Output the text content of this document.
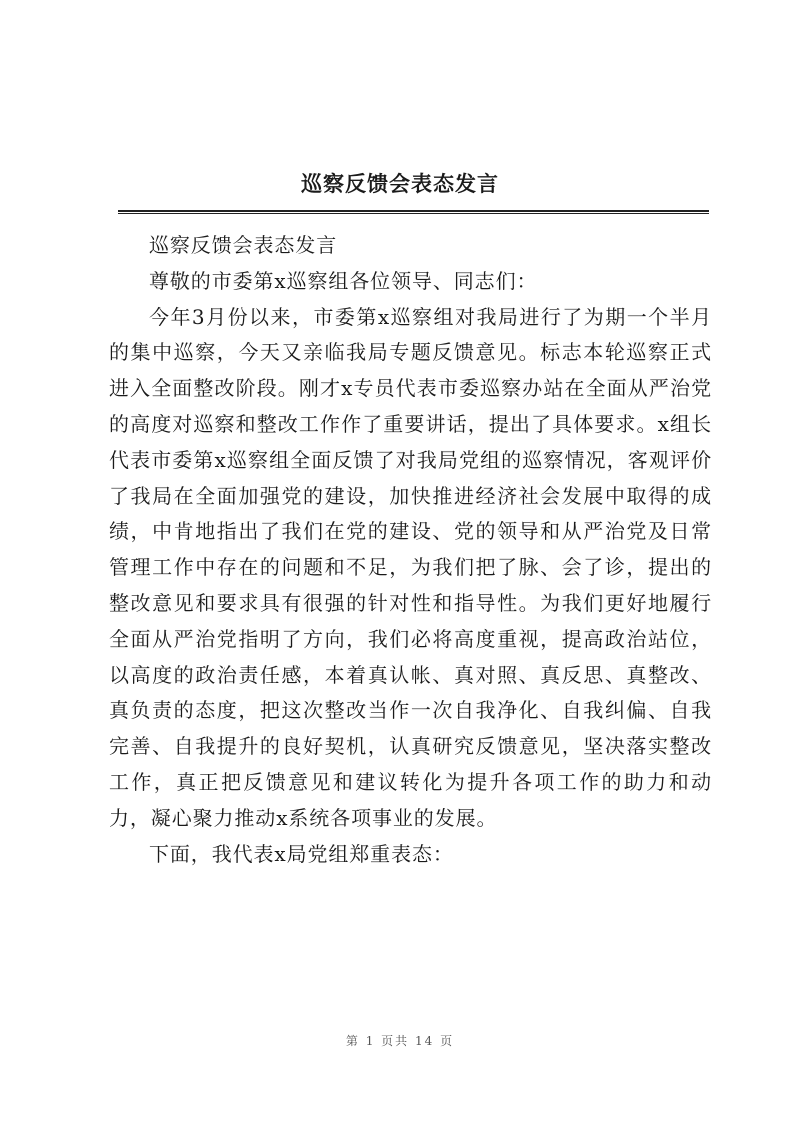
巡察反馈会表态发言

巡察反馈会表态发言

尊敬的市委第x巡察组各位领导、同志们：

今年3月份以来，市委第x巡察组对我局进行了为期一个半月的集中巡察，今天又亲临我局专题反馈意见。标志本轮巡察正式进入全面整改阶段。刚才x专员代表市委巡察办站在全面从严治党的高度对巡察和整改工作作了重要讲话，提出了具体要求。x组长代表市委第x巡察组全面反馈了对我局党组的巡察情况，客观评价了我局在全面加强党的建设，加快推进经济社会发展中取得的成绩，中肯地指出了我们在党的建设、党的领导和从严治党及日常管理工作中存在的问题和不足，为我们把了脉、会了诊，提出的整改意见和要求具有很强的针对性和指导性。为我们更好地履行全面从严治党指明了方向，我们必将高度重视，提高政治站位，以高度的政治责任感，本着真认帐、真对照、真反思、真整改、真负责的态度，把这次整改当作一次自我净化、自我纠偏、自我完善、自我提升的良好契机，认真研究反馈意见，坚决落实整改工作，真正把反馈意见和建议转化为提升各项工作的助力和动力，凝心聚力推动x系统各项事业的发展。

下面，我代表x局党组郑重表态：

第 1 页共 14 页
